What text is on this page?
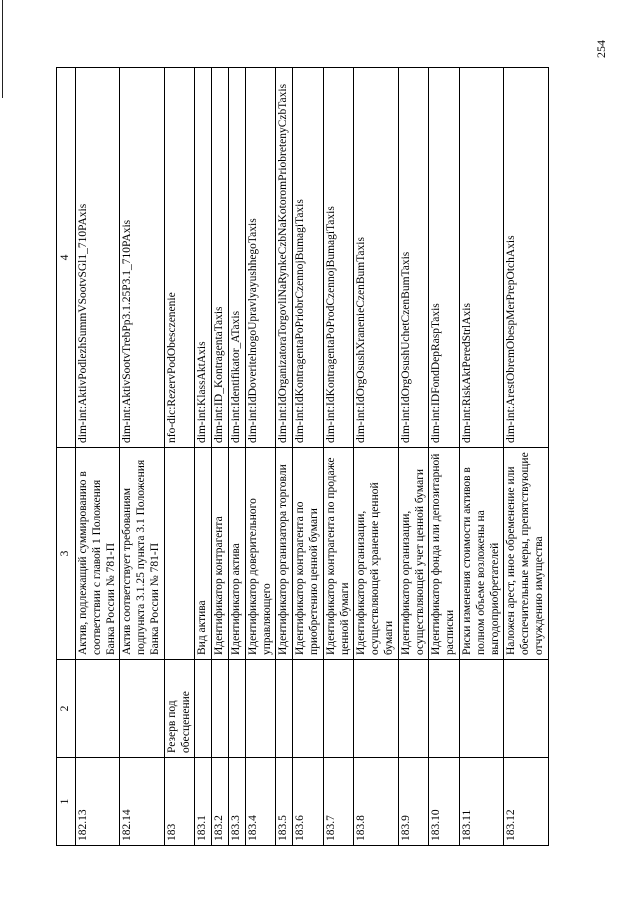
1	2	3	4
182.13		Актив, подлежащий суммированию в соответствии с главой 1 Положения Банка России № 781-П	dim-int:AktivPodlezhSummVSootvSGl1_710PAxis
182.14		Актив соответствует требованиям подпункта 3.1.25 пункта 3.1 Положения Банка России № 781-П	dim-int:AktivSootvTrebPp3.1.25P3.1_710PAxis
183	Резерв под обесценение		nfo-dic:RezervPodObesczenenie
183.1		Вид актива	dim-int:KlassAktAxis
183.2		Идентификатор контрагента	dim-int:ID_KontragentaTaxis
183.3		Идентификатор актива	dim-int:Identifikator_ATaxis
183.4		Идентификатор доверительного управляющего	dim-int:IdDoveritelnogoUpravlyayushhegoTaxis
183.5		Идентификатор организатора торговли	dim-int:IdOrganizatoraTorgovliNaRynkeCzbNaKotoromPriobretenyCzbTaxis
183.6		Идентификатор контрагента по приобретению ценной бумаги	dim-int:IdKontragentaPoPriobrCzennojBumagiTaxis
183.7		Идентификатор контрагента по продаже ценной бумаги	dim-int:IdKontragentaPoProdCzennojBumagiTaxis
183.8		Идентификатор организации, осуществляющей хранение ценной бумаги	dim-int:IdOrgOsushXranenieCzenBumTaxis
183.9		Идентификатор организации, осуществляющей учет ценной бумаги	dim-int:IdOrgOsushUchetCzenBumTaxis
183.10		Идентификатор фонда или депозитарной расписки	dim-int:IDFondDepRaspTaxis
183.11		Риски изменения стоимости активов в полном объеме возложены на выгодоприобретателей	dim-int:RiskAktPeredStrlAxis
183.12		Наложен арест, иное обременение или обеспечительные меры, препятствующие отчуждению имущества	dim-int:ArestObremObespMerPrepOtchAxis
254
